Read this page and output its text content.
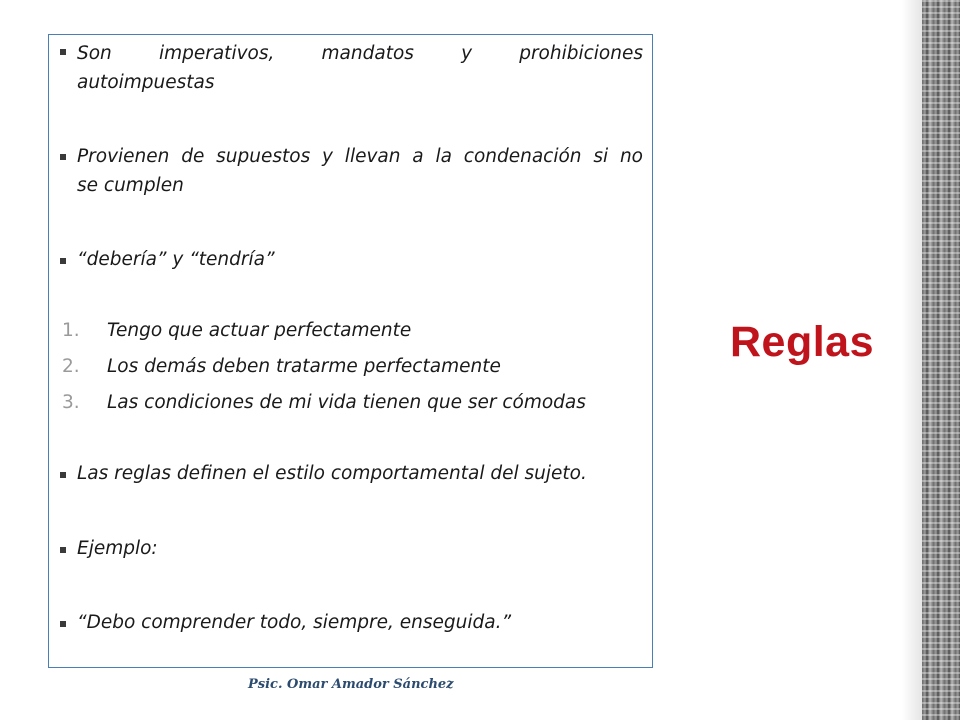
Son imperativos, mandatos y prohibiciones
autoimpuestas
Provienen de supuestos y llevan a la condenación si no
se cumplen
“debería” y “tendría”
1. Tengo que actuar perfectamente
2. Los demás deben tratarme perfectamente
3. Las condiciones de mi vida tienen que ser cómodas
Las reglas definen el estilo comportamental del sujeto.
Ejemplo:
“Debo comprender todo, siempre, enseguida.”
Reglas
Psic. Omar Amador Sánchez
